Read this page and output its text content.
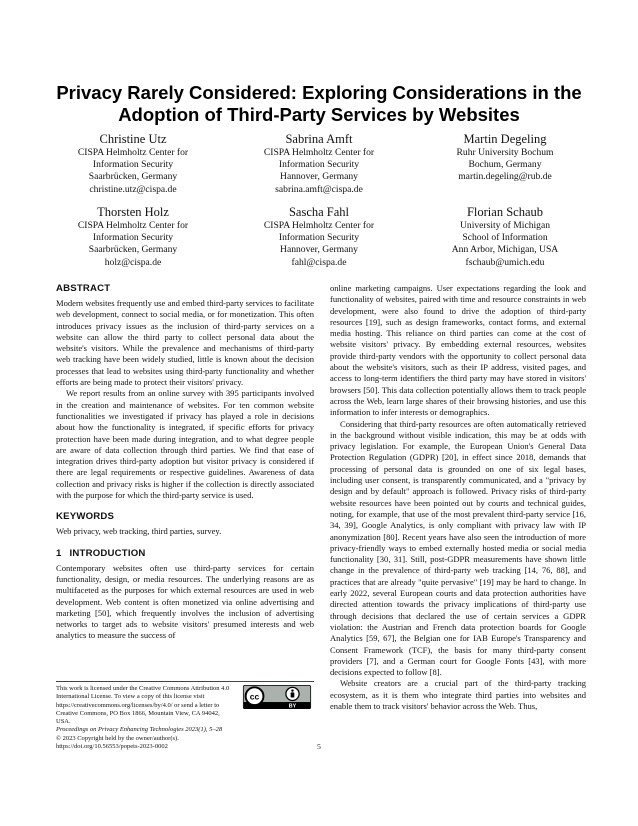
Privacy Rarely Considered: Exploring Considerations in the
Adoption of Third-Party Services by Websites
Christine Utz
CISPA Helmholtz Center for
Information Security
Saarbrücken, Germany
christine.utz@cispa.de
Sabrina Amft
CISPA Helmholtz Center for
Information Security
Hannover, Germany
sabrina.amft@cispa.de
Martin Degeling
Ruhr University Bochum
Bochum, Germany
martin.degeling@rub.de
Thorsten Holz
CISPA Helmholtz Center for
Information Security
Saarbrücken, Germany
holz@cispa.de
Sascha Fahl
CISPA Helmholtz Center for
Information Security
Hannover, Germany
fahl@cispa.de
Florian Schaub
University of Michigan
School of Information
Ann Arbor, Michigan, USA
fschaub@umich.edu
ABSTRACT

Modern websites frequently use and embed third-party services to facilitate web development, connect to social media, or for monetization. This often introduces privacy issues as the inclusion of third-party services on a website can allow the third party to collect personal data about the website's visitors. While the prevalence and mechanisms of third-party web tracking have been widely studied, little is known about the decision processes that lead to websites using third-party functionality and whether efforts are being made to protect their visitors' privacy.

We report results from an online survey with 395 participants involved in the creation and maintenance of websites. For ten common website functionalities we investigated if privacy has played a role in decisions about how the functionality is integrated, if specific efforts for privacy protection have been made during integration, and to what degree people are aware of data collection through third parties. We find that ease of integration drives third-party adoption but visitor privacy is considered if there are legal requirements or respective guidelines. Awareness of data collection and privacy risks is higher if the collection is directly associated with the purpose for which the third-party service is used.

KEYWORDS

Web privacy, web tracking, third parties, survey.

1 INTRODUCTION

Contemporary websites often use third-party services for certain functionality, design, or media resources. The underlying reasons are as multifaceted as the purposes for which external resources are used in web development. Web content is often monetized via online advertising and marketing [50], which frequently involves the inclusion of advertising networks to target ads to website visitors' presumed interests and web analytics to measure the success of

This work is licensed under the Creative Commons Attribution 4.0 International License. To view a copy of this license visit https://creativecommons.org/licenses/by/4.0/ or send a letter to Creative Commons, PO Box 1866, Mountain View, CA 94042, USA.
Proceedings on Privacy Enhancing Technologies 2023(1), 5–28
© 2023 Copyright held by the owner/author(s).
https://doi.org/10.56553/popets-2023-0002
cc
BY

online marketing campaigns. User expectations regarding the look and functionality of websites, paired with time and resource constraints in web development, were also found to drive the adoption of third-party resources [19], such as design frameworks, contact forms, and external media hosting. This reliance on third parties can come at the cost of website visitors' privacy. By embedding external resources, websites provide third-party vendors with the opportunity to collect personal data about the website's visitors, such as their IP address, visited pages, and access to long-term identifiers the third party may have stored in visitors' browsers [50]. This data collection potentially allows them to track people across the Web, learn large shares of their browsing histories, and use this information to infer interests or demographics.

Considering that third-party resources are often automatically retrieved in the background without visible indication, this may be at odds with privacy legislation. For example, the European Union's General Data Protection Regulation (GDPR) [20], in effect since 2018, demands that processing of personal data is grounded on one of six legal bases, including user consent, is transparently communicated, and a "privacy by design and by default" approach is followed. Privacy risks of third-party website resources have been pointed out by courts and technical guides, noting, for example, that use of the most prevalent third-party service [16, 34, 39], Google Analytics, is only compliant with privacy law with IP anonymization [80]. Recent years have also seen the introduction of more privacy-friendly ways to embed externally hosted media or social media functionality [30, 31]. Still, post-GDPR measurements have shown little change in the prevalence of third-party web tracking [14, 76, 88], and practices that are already "quite pervasive" [19] may be hard to change. In early 2022, several European courts and data protection authorities have directed attention towards the privacy implications of third-party use through decisions that declared the use of certain services a GDPR violation: the Austrian and French data protection boards for Google Analytics [59, 67], the Belgian one for IAB Europe's Transparency and Consent Framework (TCF), the basis for many third-party consent providers [7], and a German court for Google Fonts [43], with more decisions expected to follow [8].

Website creators are a crucial part of the third-party tracking ecosystem, as it is them who integrate third parties into websites and enable them to track visitors' behavior across the Web. Thus,

5
